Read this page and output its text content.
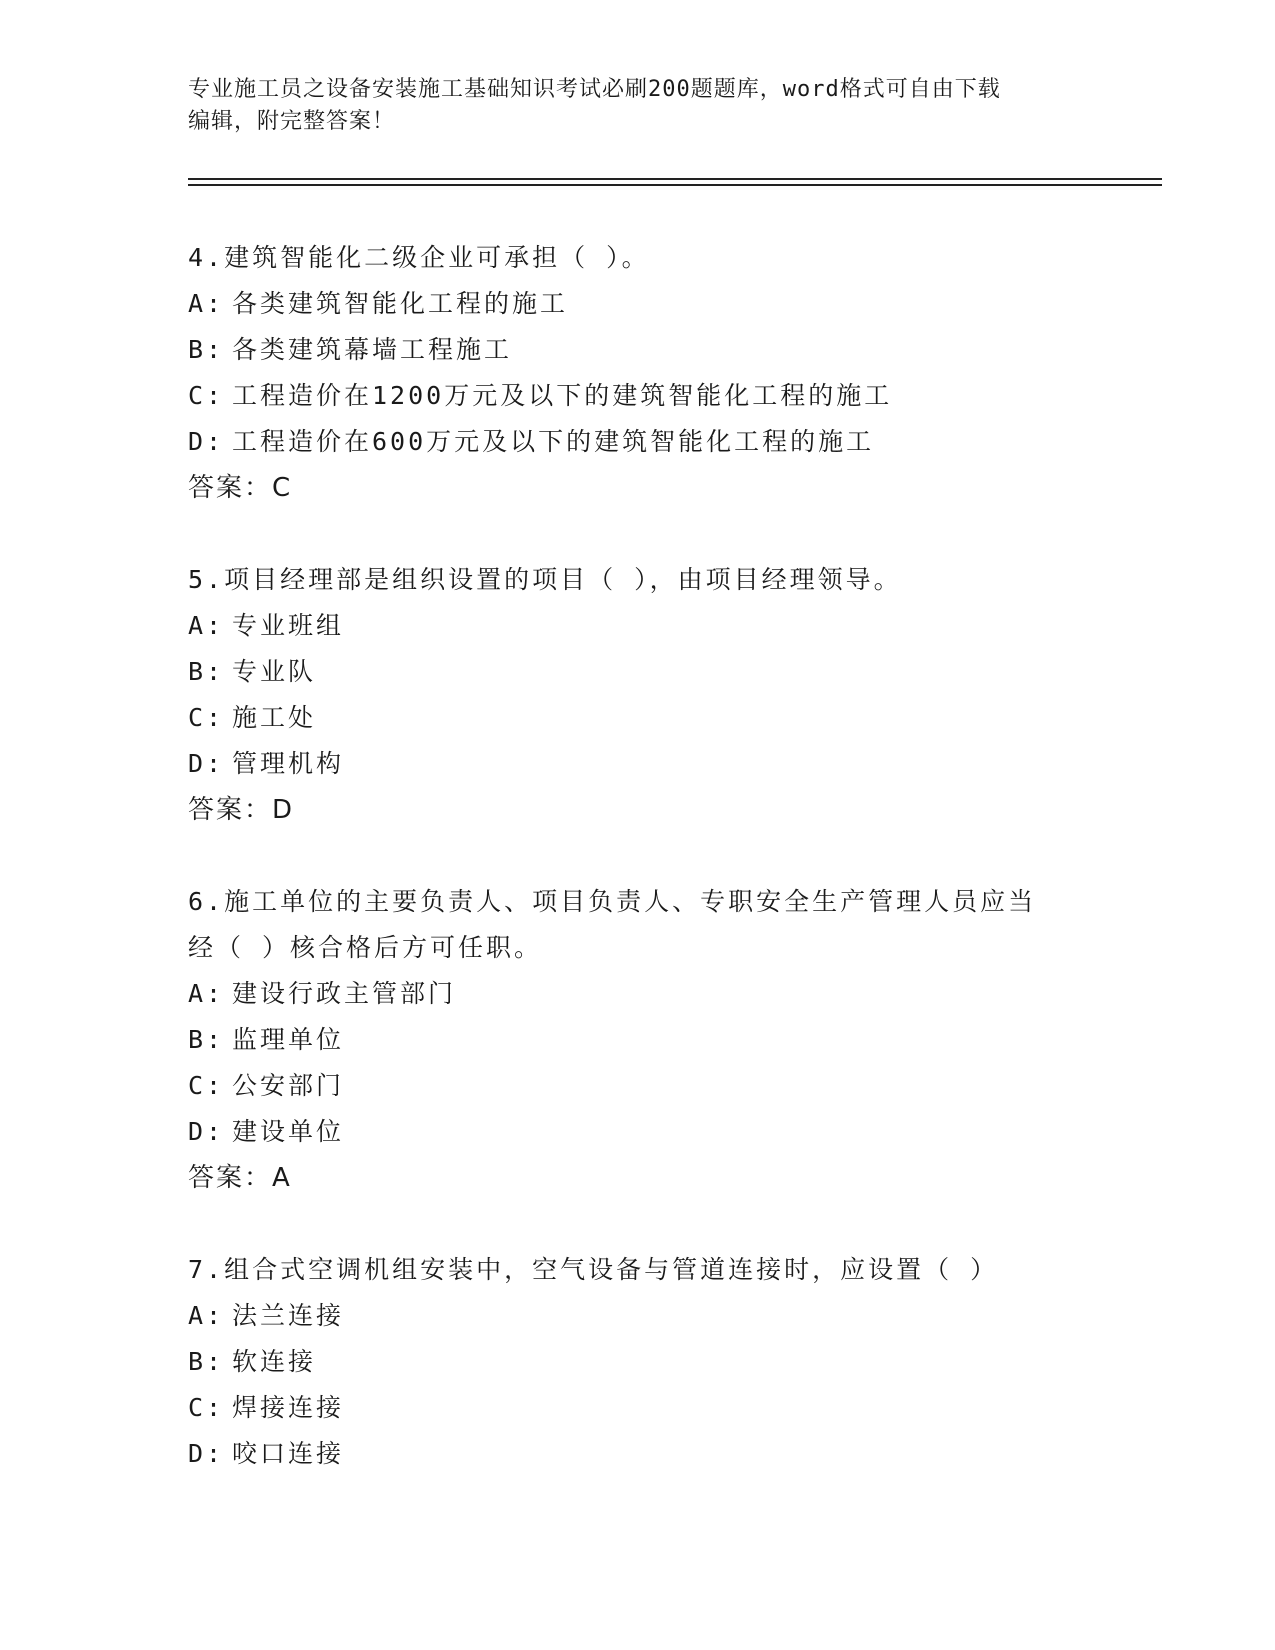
专业施工员之设备安装施工基础知识考试必刷200题题库，word格式可自由下载
编辑，附完整答案！
4.建筑智能化二级企业可承担（ ）。
A: 各类建筑智能化工程的施工
B: 各类建筑幕墙工程施工
C: 工程造价在1200万元及以下的建筑智能化工程的施工
D: 工程造价在600万元及以下的建筑智能化工程的施工
答案：C
5.项目经理部是组织设置的项目（ ），由项目经理领导。
A: 专业班组
B: 专业队
C: 施工处
D: 管理机构
答案：D
6.施工单位的主要负责人、项目负责人、专职安全生产管理人员应当
经（ ）核合格后方可任职。
A: 建设行政主管部门
B: 监理单位
C: 公安部门
D: 建设单位
答案：A
7.组合式空调机组安装中，空气设备与管道连接时，应设置（ ）
A: 法兰连接
B: 软连接
C: 焊接连接
D: 咬口连接
